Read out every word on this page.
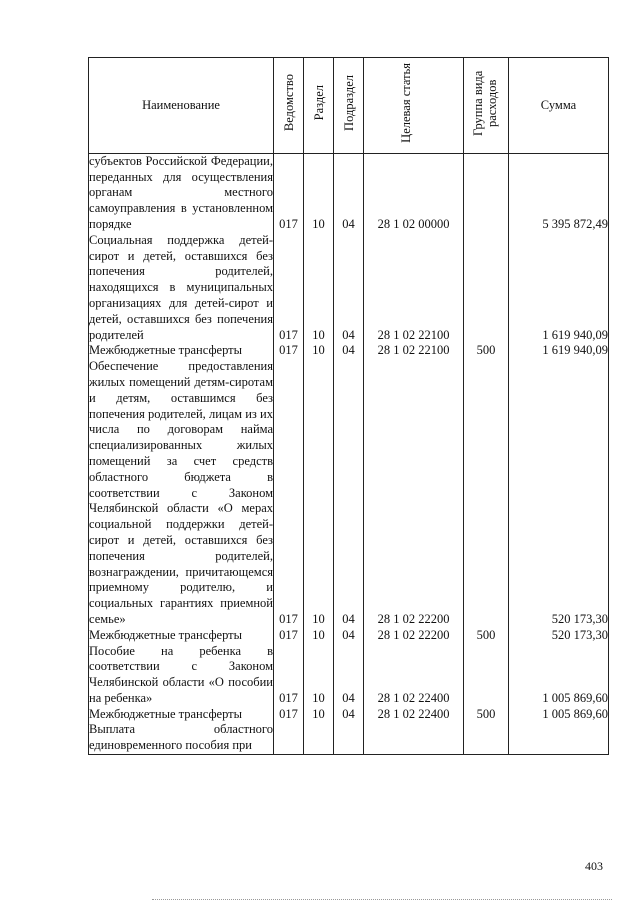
Наименование	Ведомство	Раздел	Подраздел	Целевая статья	Группа вида расходов	Сумма
субъектов Российской Федерации, переданных для осуществления органам местного самоуправления в установленном порядке	017	10	04	28 1 02 00000		5 395 872,49
Социальная поддержка детей-сирот и детей, оставшихся без попечения родителей, находящихся в муниципальных организациях для детей-сирот и детей, оставшихся без попечения родителей	017	10	04	28 1 02 22100		1 619 940,09
Межбюджетные трансферты	017	10	04	28 1 02 22100	500	1 619 940,09
Обеспечение предоставления жилых помещений детям-сиротам и детям, оставшимся без попечения родителей, лицам из их числа по договорам найма специализированных жилых помещений за счет средств областного бюджета в соответствии с Законом Челябинской области «О мерах социальной поддержки детей-сирот и детей, оставшихся без попечения родителей, вознаграждении, причитающемся приемному родителю, и социальных гарантиях приемной семье»	017	10	04	28 1 02 22200		520 173,30
Межбюджетные трансферты	017	10	04	28 1 02 22200	500	520 173,30
Пособие на ребенка в соответствии с Законом Челябинской области «О пособии на ребенка»	017	10	04	28 1 02 22400		1 005 869,60
Межбюджетные трансферты	017	10	04	28 1 02 22400	500	1 005 869,60
Выплата областного единовременного пособия при						
403
